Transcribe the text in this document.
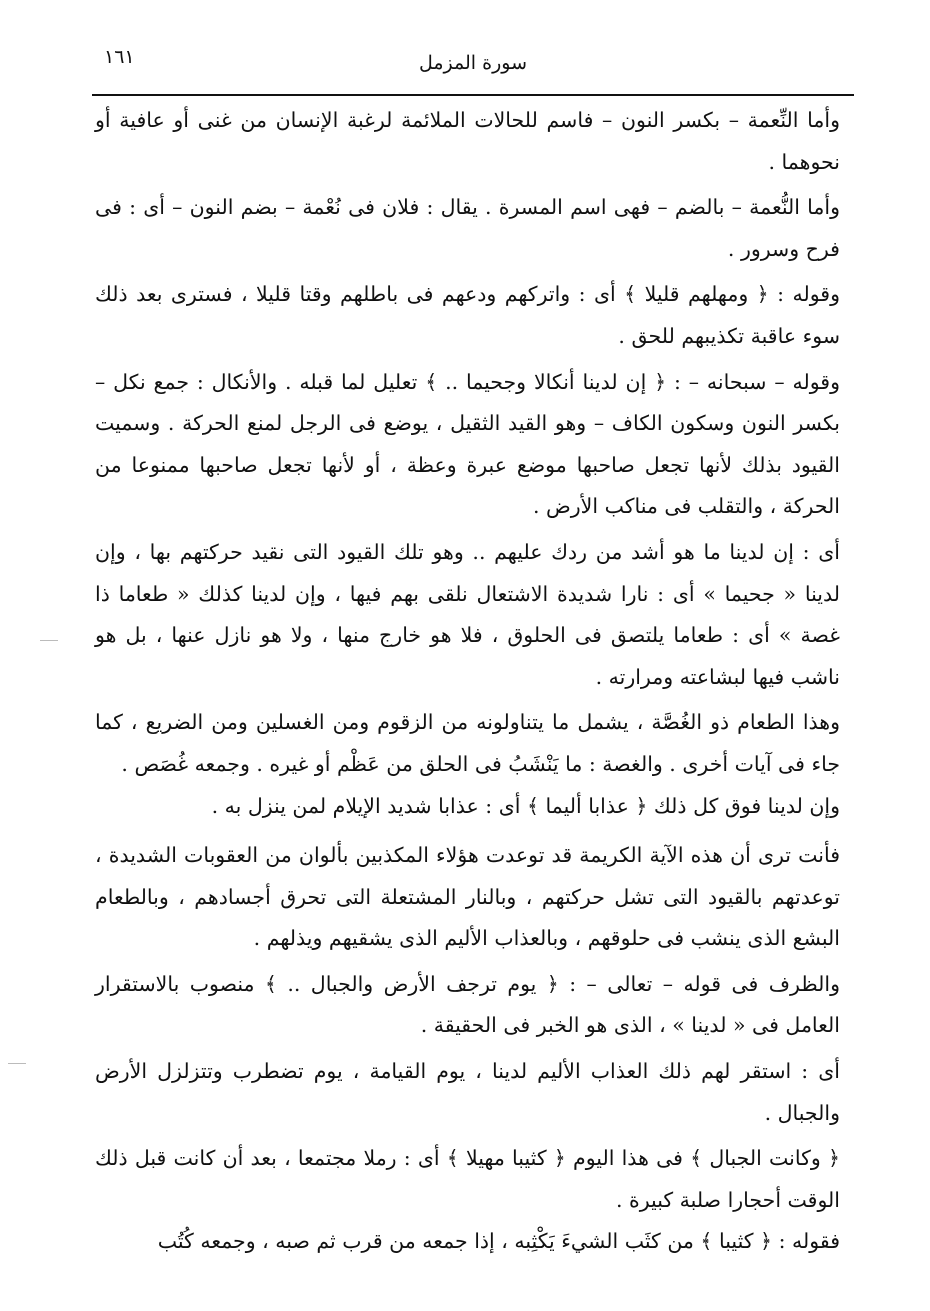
١٦١	سورة المزمل

وأما النِّعمة – بكسر النون – فاسم للحالات الملائمة لرغبة الإنسان من غنى أو عافية أو نحوهما .

وأما النُّعمة – بالضم – فهى اسم المسرة . يقال : فلان فى نُعْمة – بضم النون – أى : فى فرح وسرور .

وقوله : ﴿ ومهلهم قليلا ﴾ أى : واتركهم ودعهم فى باطلهم وقتا قليلا ، فسترى بعد ذلك سوء عاقبة تكذيبهم للحق .

وقوله – سبحانه – : ﴿ إن لدينا أنكالا وجحيما .. ﴾ تعليل لما قبله . والأنكال : جمع نكل – بكسر النون وسكون الكاف – وهو القيد الثقيل ، يوضع فى الرجل لمنع الحركة . وسميت القيود بذلك لأنها تجعل صاحبها موضع عبرة وعظة ، أو لأنها تجعل صاحبها ممنوعا من الحركة ، والتقلب فى مناكب الأرض .

أى : إن لدينا ما هو أشد من ردك عليهم .. وهو تلك القيود التى نقيد حركتهم بها ، وإن لدينا « جحيما » أى : نارا شديدة الاشتعال نلقى بهم فيها ، وإن لدينا كذلك « طعاما ذا غصة » أى : طعاما يلتصق فى الحلوق ، فلا هو خارج منها ، ولا هو نازل عنها ، بل هو ناشب فيها لبشاعته ومرارته .

وهذا الطعام ذو الغُصَّة ، يشمل ما يتناولونه من الزقوم ومن الغسلين ومن الضريع ، كما جاء فى آيات أخرى . والغصة : ما يَنْشَبُ فى الحلق من عَظْم أو غيره . وجمعه غُصَص .

وإن لدينا فوق كل ذلك ﴿ عذابا أليما ﴾ أى : عذابا شديد الإيلام لمن ينزل به .

فأنت ترى أن هذه الآية الكريمة قد توعدت هؤلاء المكذبين بألوان من العقوبات الشديدة ، توعدتهم بالقيود التى تشل حركتهم ، وبالنار المشتعلة التى تحرق أجسادهم ، وبالطعام البشع الذى ينشب فى حلوقهم ، وبالعذاب الأليم الذى يشقيهم ويذلهم .

والظرف فى قوله – تعالى – : ﴿ يوم ترجف الأرض والجبال .. ﴾ منصوب بالاستقرار العامل فى « لدينا » ، الذى هو الخبر فى الحقيقة .

أى : استقر لهم ذلك العذاب الأليم لدينا ، يوم القيامة ، يوم تضطرب وتتزلزل الأرض والجبال .

﴿ وكانت الجبال ﴾ فى هذا اليوم ﴿ كثيبا مهيلا ﴾ أى : رملا مجتمعا ، بعد أن كانت قبل ذلك الوقت أحجارا صلبة كبيرة .

فقوله : ﴿ كثيبا ﴾ من كثَب الشيءَ يَكْثِبه ، إذا جمعه من قرب ثم صبه ، وجمعه كُتُب
